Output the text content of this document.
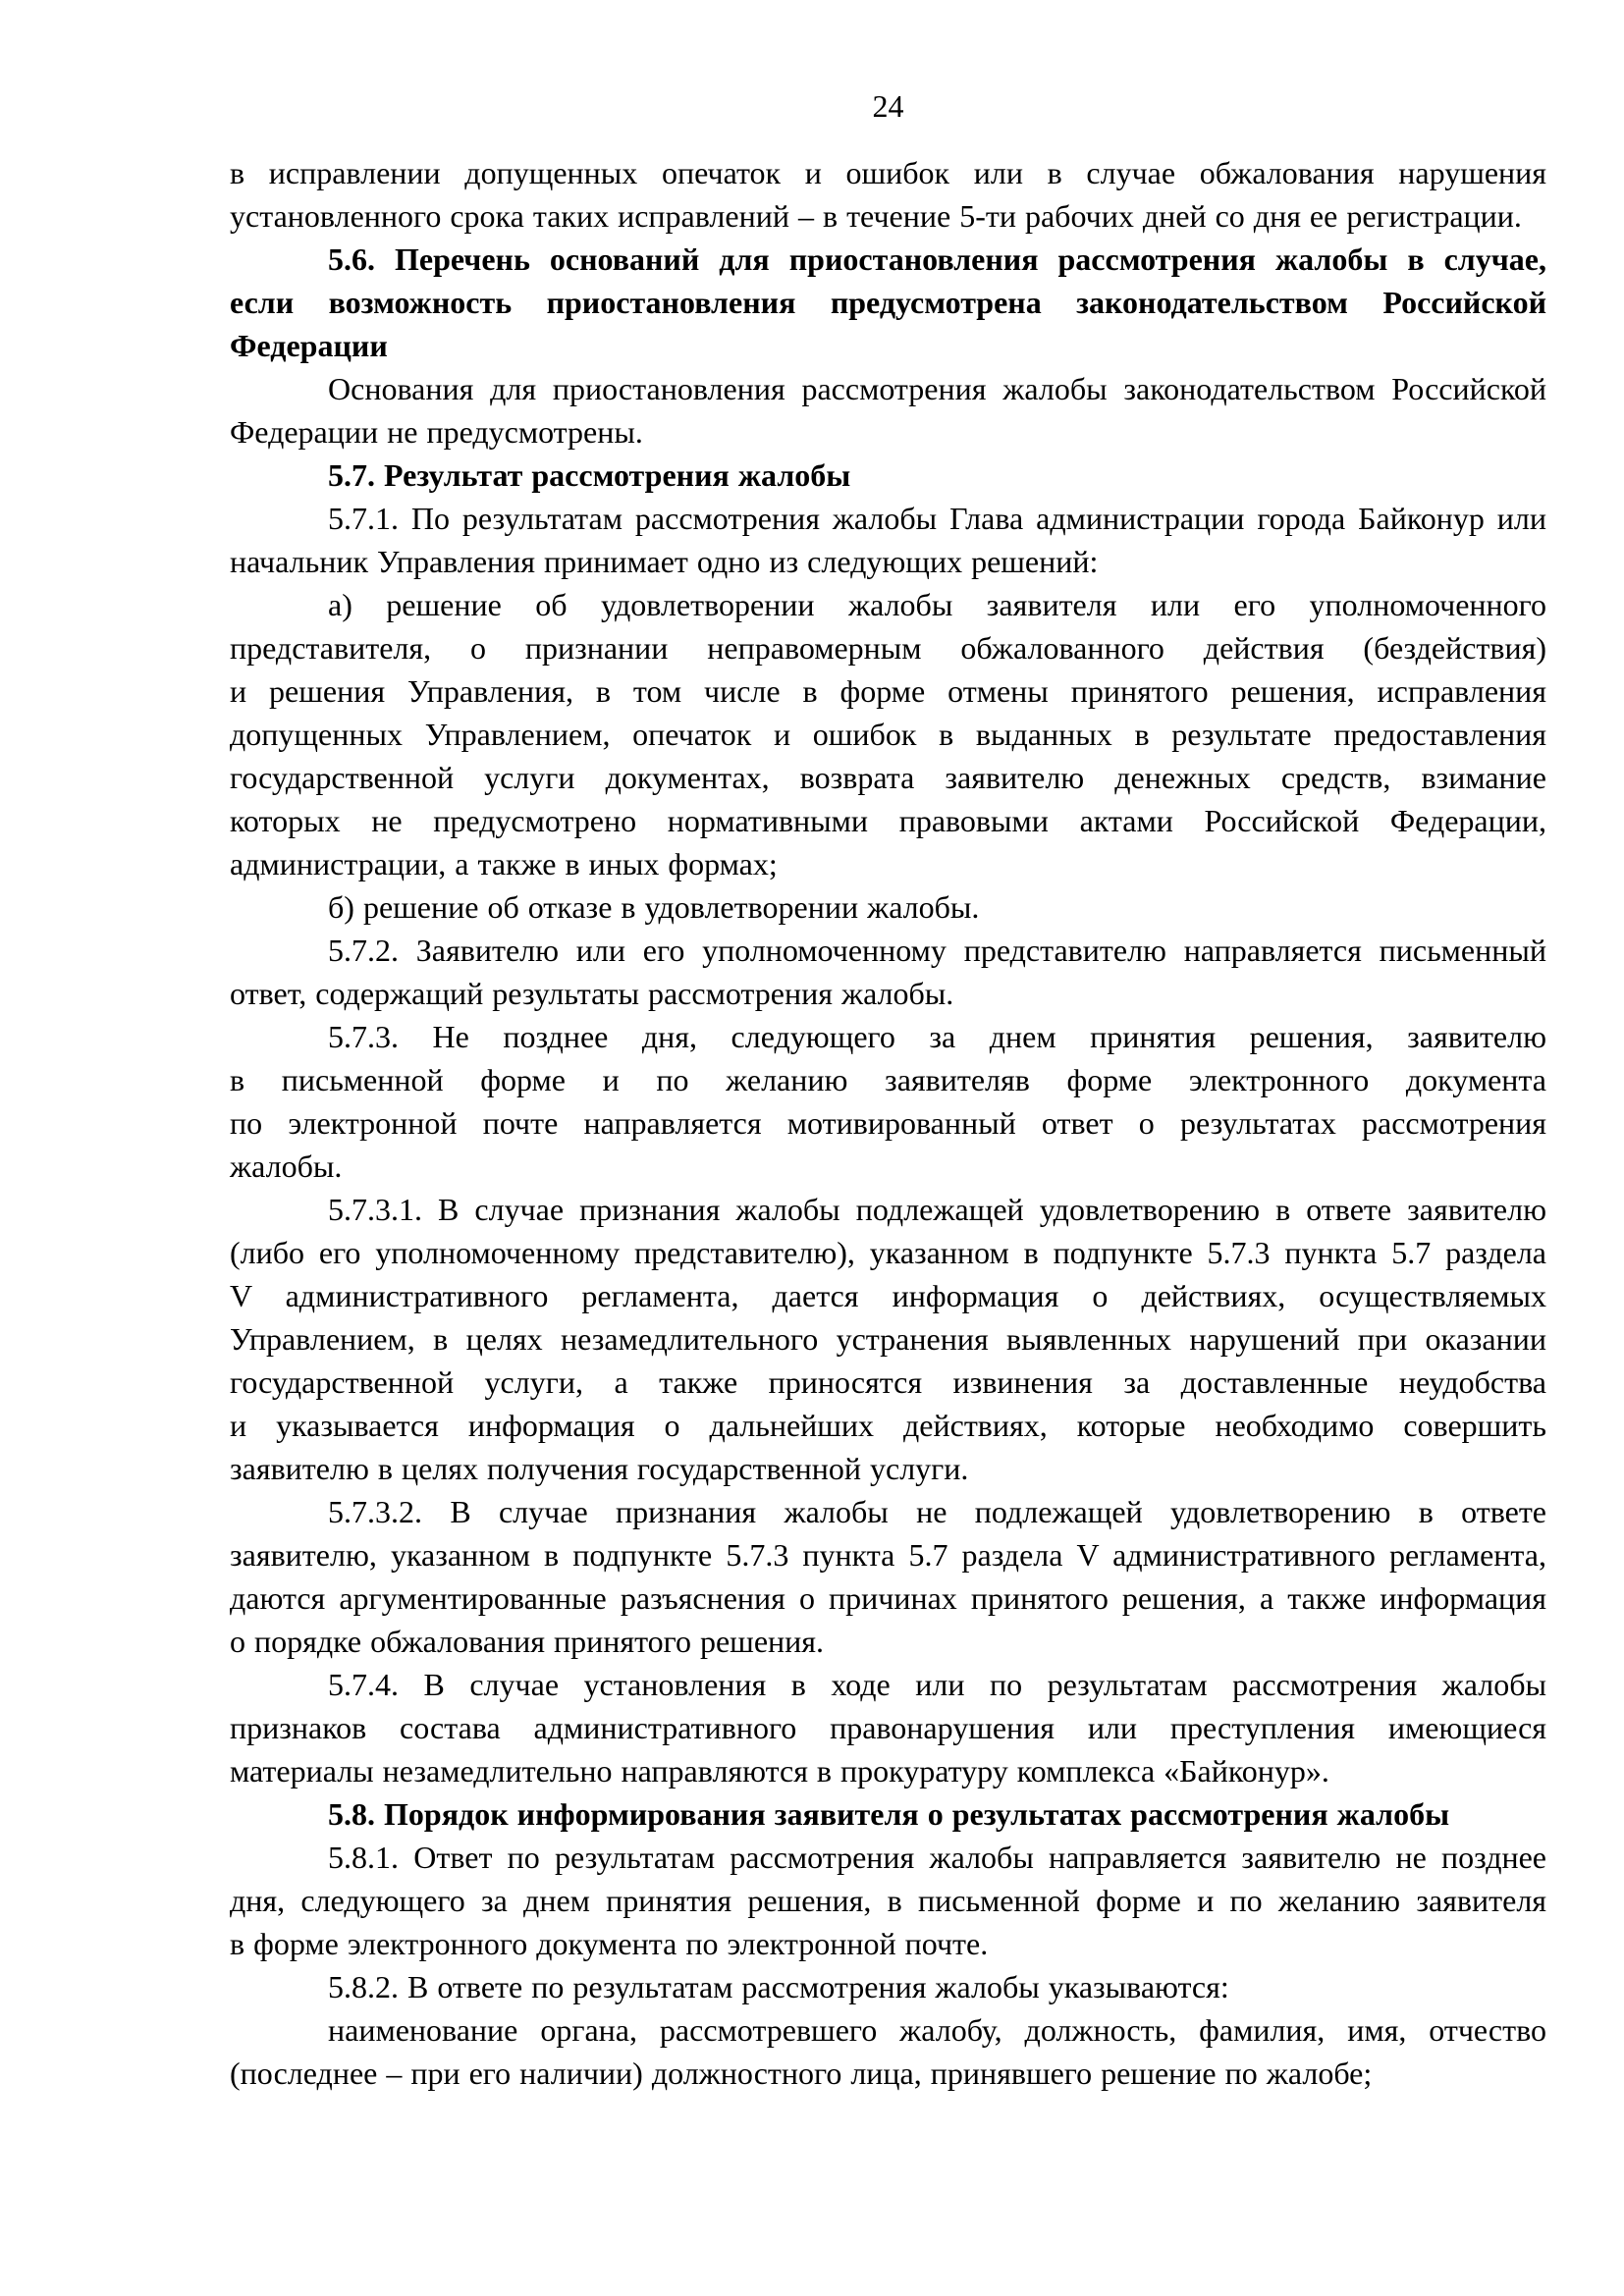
24
в исправлении допущенных опечаток и ошибок или в случае обжалования нарушения
установленного срока таких исправлений – в течение 5-ти рабочих дней со дня ее регистрации.
5.6. Перечень оснований для приостановления рассмотрения жалобы в случае,
если возможность приостановления предусмотрена законодательством Российской
Федерации
Основания для приостановления рассмотрения жалобы законодательством Российской
Федерации не предусмотрены.
5.7. Результат рассмотрения жалобы
5.7.1. По результатам рассмотрения жалобы Глава администрации города Байконур или
начальник Управления принимает одно из следующих решений:
а) решение об удовлетворении жалобы заявителя или его уполномоченного
представителя, о признании неправомерным обжалованного действия (бездействия)
и решения Управления, в том числе в форме отмены принятого решения, исправления
допущенных Управлением, опечаток и ошибок в выданных в результате предоставления
государственной услуги документах, возврата заявителю денежных средств, взимание
которых не предусмотрено нормативными правовыми актами Российской Федерации,
администрации, а также в иных формах;
б) решение об отказе в удовлетворении жалобы.
5.7.2. Заявителю или его уполномоченному представителю направляется письменный
ответ, содержащий результаты рассмотрения жалобы.
5.7.3. Не позднее дня, следующего за днем принятия решения, заявителю
в письменной форме и по желанию заявителяв форме электронного документа
по электронной почте направляется мотивированный ответ о результатах рассмотрения
жалобы.
5.7.3.1. В случае признания жалобы подлежащей удовлетворению в ответе заявителю
(либо его уполномоченному представителю), указанном в подпункте 5.7.3 пункта 5.7 раздела
V административного регламента, дается информация о действиях, осуществляемых
Управлением, в целях незамедлительного устранения выявленных нарушений при оказании
государственной услуги, а также приносятся извинения за доставленные неудобства
и указывается информация о дальнейших действиях, которые необходимо совершить
заявителю в целях получения государственной услуги.
5.7.3.2. В случае признания жалобы не подлежащей удовлетворению в ответе
заявителю, указанном в подпункте 5.7.3 пункта 5.7 раздела V административного регламента,
даются аргументированные разъяснения о причинах принятого решения, а также информация
о порядке обжалования принятого решения.
5.7.4. В случае установления в ходе или по результатам рассмотрения жалобы
признаков состава административного правонарушения или преступления имеющиеся
материалы незамедлительно направляются в прокуратуру комплекса «Байконур».
5.8. Порядок информирования заявителя о результатах рассмотрения жалобы
5.8.1. Ответ по результатам рассмотрения жалобы направляется заявителю не позднее
дня, следующего за днем принятия решения, в письменной форме и по желанию заявителя
в форме электронного документа по электронной почте.
5.8.2. В ответе по результатам рассмотрения жалобы указываются:
наименование органа, рассмотревшего жалобу, должность, фамилия, имя, отчество
(последнее – при его наличии) должностного лица, принявшего решение по жалобе;
